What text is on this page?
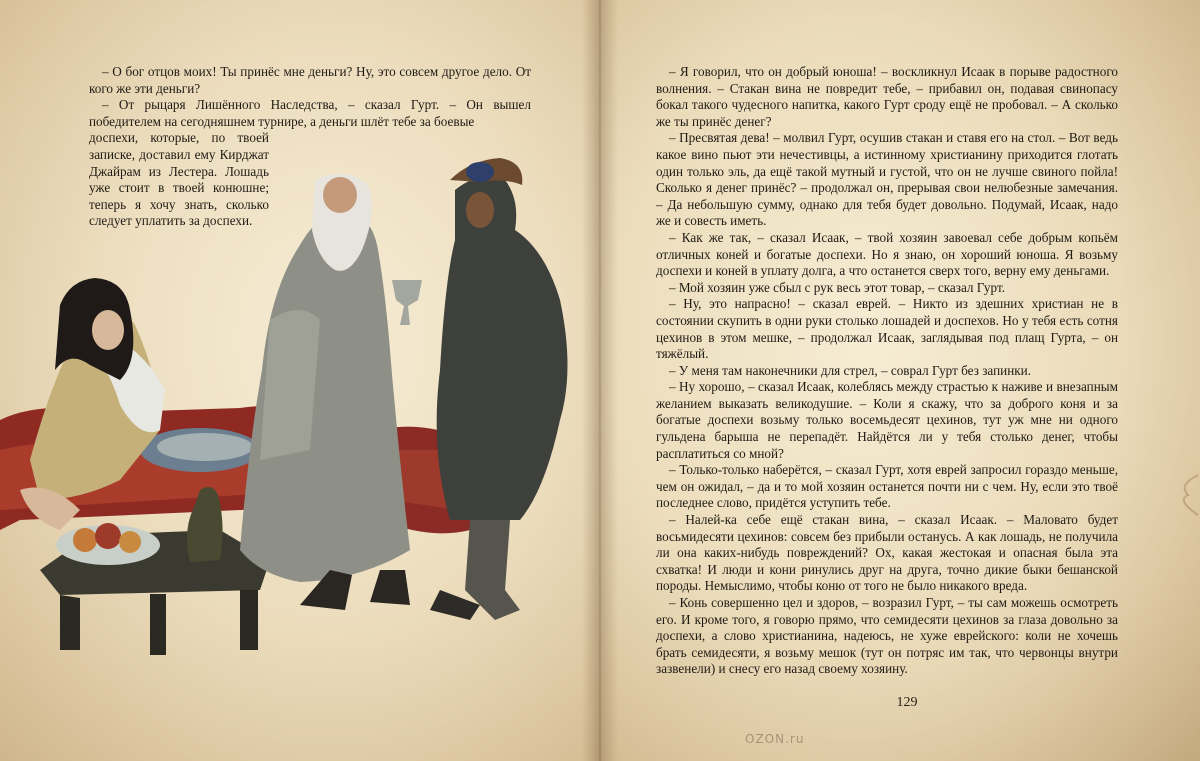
– О бог отцов моих! Ты принёс мне деньги? Ну, это совсем другое дело. От кого же эти деньги?

– От рыцаря Лишённого Наследства, – сказал Гурт. – Он вышел победителем на сегодняшнем турнире, а деньги шлёт тебе за боевые

доспехи, которые, по твоей записке, доставил ему Кирджат Джайрам из Лестера. Лошадь уже стоит в твоей конюшне; теперь я хочу знать, сколько следует уплатить за доспехи.

– Я говорил, что он добрый юноша! – воскликнул Исаак в порыве радостного волнения. – Стакан вина не повредит тебе, – прибавил он, подавая свинопасу бокал такого чудесного напитка, какого Гурт сроду ещё не пробовал. – А сколько же ты принёс денег?

– Пресвятая дева! – молвил Гурт, осушив стакан и ставя его на стол. – Вот ведь какое вино пьют эти нечестивцы, а истинному христианину приходится глотать один только эль, да ещё такой мутный и густой, что он не лучше свиного пойла! Сколько я денег принёс? – продолжал он, прерывая свои нелюбезные замечания. – Да небольшую сумму, однако для тебя будет довольно. Подумай, Исаак, надо же и совесть иметь.

– Как же так, – сказал Исаак, – твой хозяин завоевал себе добрым копьём отличных коней и богатые доспехи. Но я знаю, он хороший юноша. Я возьму доспехи и коней в уплату долга, а что останется сверх того, верну ему деньгами.

– Мой хозяин уже сбыл с рук весь этот товар, – сказал Гурт.

– Ну, это напрасно! – сказал еврей. – Никто из здешних христиан не в состоянии скупить в одни руки столько лошадей и доспехов. Но у тебя есть сотня цехинов в этом мешке, – продолжал Исаак, заглядывая под плащ Гурта, – он тяжёлый.

– У меня там наконечники для стрел, – соврал Гурт без запинки.

– Ну хорошо, – сказал Исаак, колеблясь между страстью к наживе и внезапным желанием выказать великодушие. – Коли я скажу, что за доброго коня и за богатые доспехи возьму только восемьдесят цехинов, тут уж мне ни одного гульдена барыша не перепадёт. Найдётся ли у тебя столько денег, чтобы расплатиться со мной?

– Только-только наберётся, – сказал Гурт, хотя еврей запросил гораздо меньше, чем он ожидал, – да и то мой хозяин останется почти ни с чем. Ну, если это твоё последнее слово, придётся уступить тебе.

– Налей-ка себе ещё стакан вина, – сказал Исаак. – Маловато будет восьмидесяти цехинов: совсем без прибыли останусь. А как лошадь, не получила ли она каких-нибудь повреждений? Ох, какая жестокая и опасная была эта схватка! И люди и кони ринулись друг на друга, точно дикие быки бешанской породы. Немыслимо, чтобы коню от того не было никакого вреда.

– Конь совершенно цел и здоров, – возразил Гурт, – ты сам можешь осмотреть его. И кроме того, я говорю прямо, что семидесяти цехинов за глаза довольно за доспехи, а слово христианина, надеюсь, не хуже еврейского: коли не хочешь брать семидесяти, я возьму мешок (тут он потряс им так, что червонцы внутри зазвенели) и снесу его назад своему хозяину.

129
OZON.ru
